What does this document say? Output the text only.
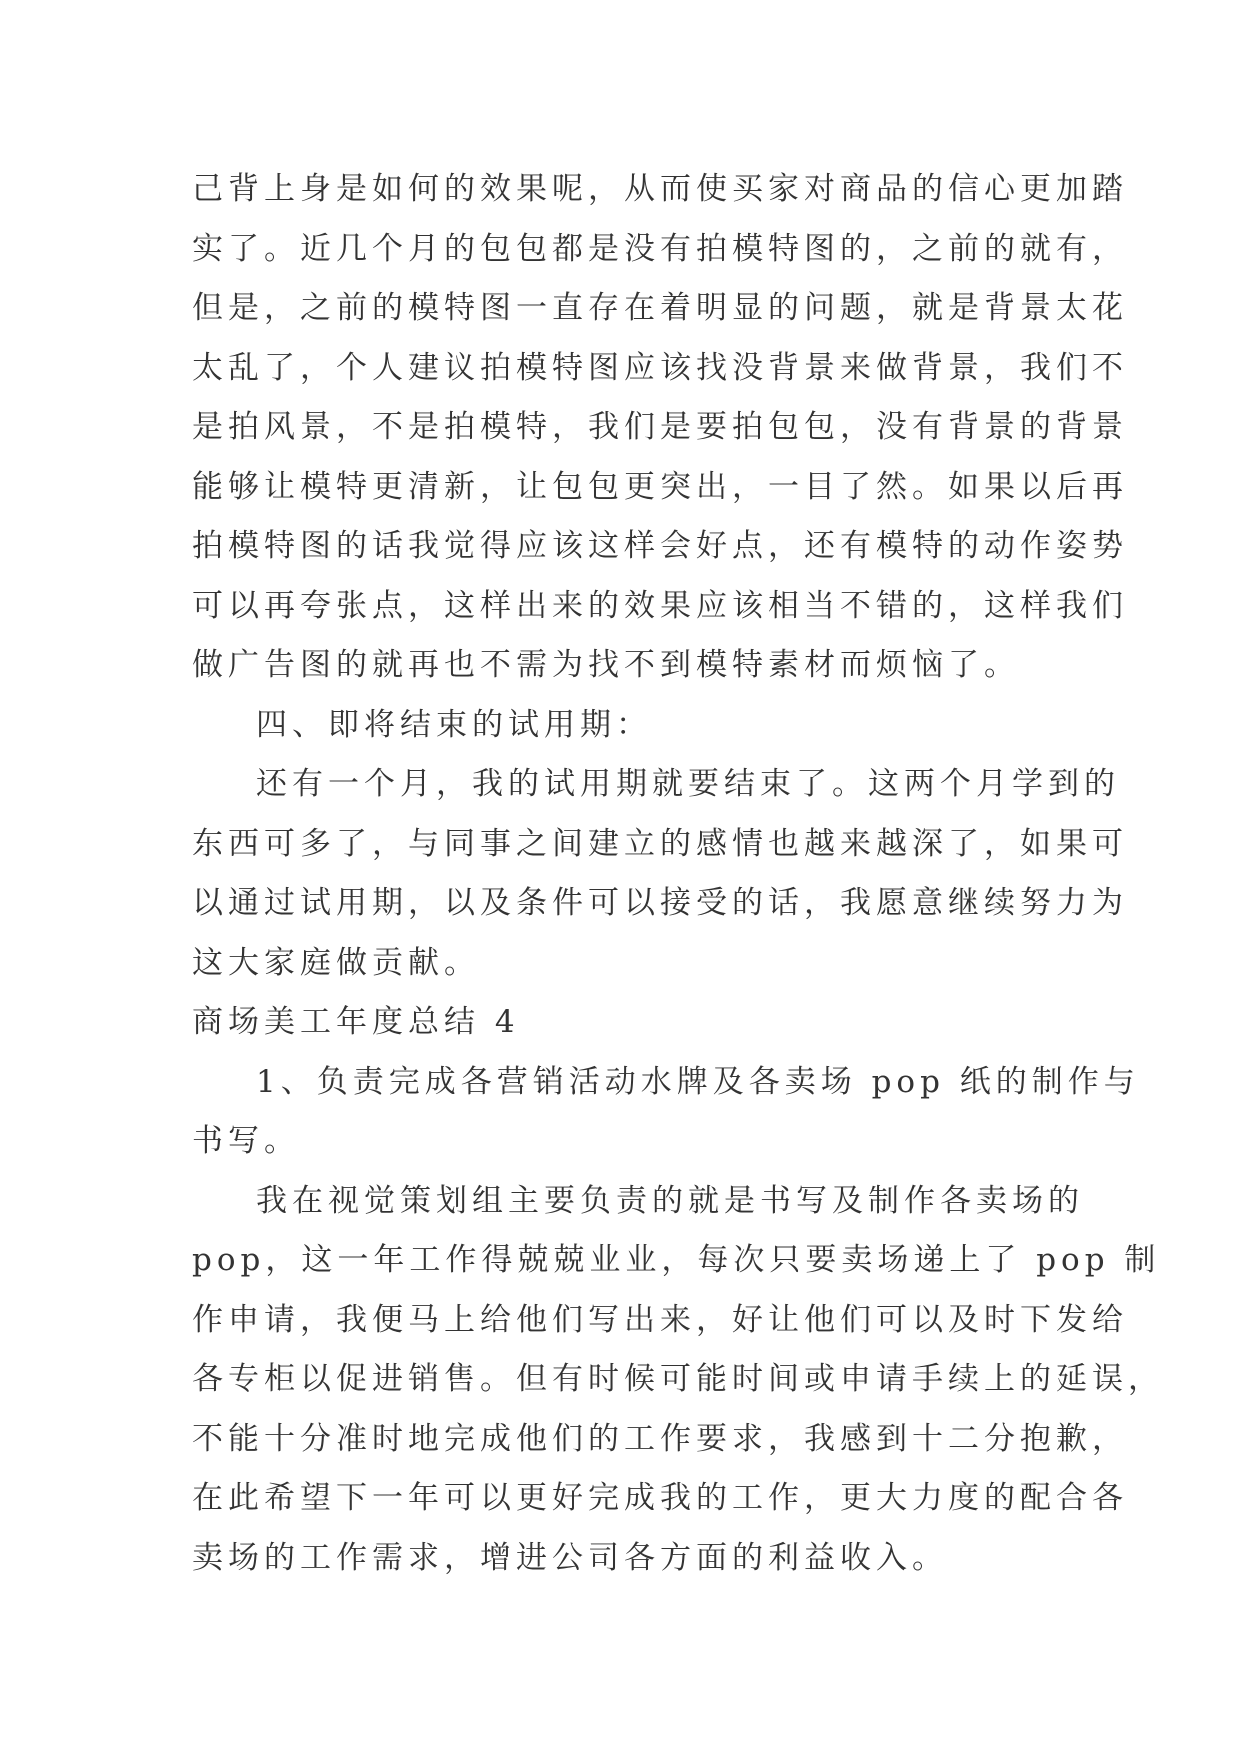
己背上身是如何的效果呢，从而使买家对商品的信心更加踏
实了。近几个月的包包都是没有拍模特图的，之前的就有，
但是，之前的模特图一直存在着明显的问题，就是背景太花
太乱了，个人建议拍模特图应该找没背景来做背景，我们不
是拍风景，不是拍模特，我们是要拍包包，没有背景的背景
能够让模特更清新，让包包更突出，一目了然。如果以后再
拍模特图的话我觉得应该这样会好点，还有模特的动作姿势
可以再夸张点，这样出来的效果应该相当不错的，这样我们
做广告图的就再也不需为找不到模特素材而烦恼了。
四、即将结束的试用期：
还有一个月，我的试用期就要结束了。这两个月学到的
东西可多了，与同事之间建立的感情也越来越深了，如果可
以通过试用期，以及条件可以接受的话，我愿意继续努力为
这大家庭做贡献。
商场美工年度总结 4
1、负责完成各营销活动水牌及各卖场 pop 纸的制作与
书写。
我在视觉策划组主要负责的就是书写及制作各卖场的
pop，这一年工作得兢兢业业，每次只要卖场递上了 pop 制
作申请，我便马上给他们写出来，好让他们可以及时下发给
各专柜以促进销售。但有时候可能时间或申请手续上的延误，
不能十分准时地完成他们的工作要求，我感到十二分抱歉，
在此希望下一年可以更好完成我的工作，更大力度的配合各
卖场的工作需求，增进公司各方面的利益收入。
